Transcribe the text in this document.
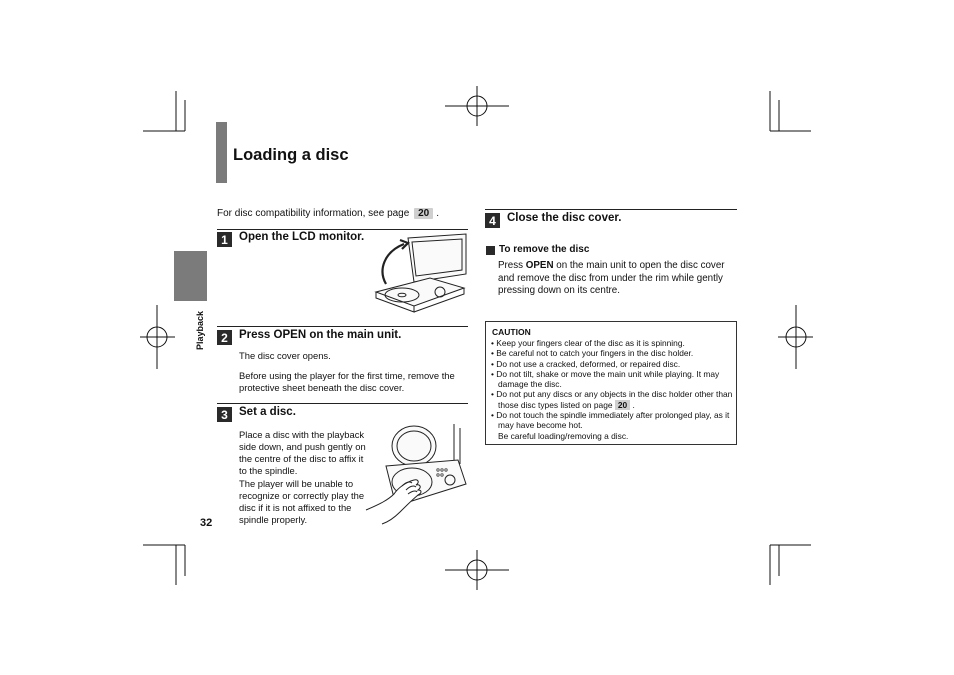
Loading a disc
Playback
32
For disc compatibility information, see page 20 .
1 Open the LCD monitor.
2 Press OPEN on the main unit.
The disc cover opens.
Before using the player for the first time, remove the protective sheet beneath the disc cover.
3 Set a disc.
Place a disc with the playback side down, and push gently on the centre of the disc to affix it to the spindle.
The player will be unable to recognize or correctly play the disc if it is not affixed to the spindle properly.
4 Close the disc cover.
To remove the disc
Press OPEN on the main unit to open the disc cover and remove the disc from under the rim while gently pressing down on its centre.
CAUTION
• Keep your fingers clear of the disc as it is spinning.
• Be careful not to catch your fingers in the disc holder.
• Do not use a cracked, deformed, or repaired disc.
• Do not tilt, shake or move the main unit while playing. It may damage the disc.
• Do not put any discs or any objects in the disc holder other than those disc types listed on page 20 .
• Do not touch the spindle immediately after prolonged play, as it may have become hot.
Be careful loading/removing a disc.
